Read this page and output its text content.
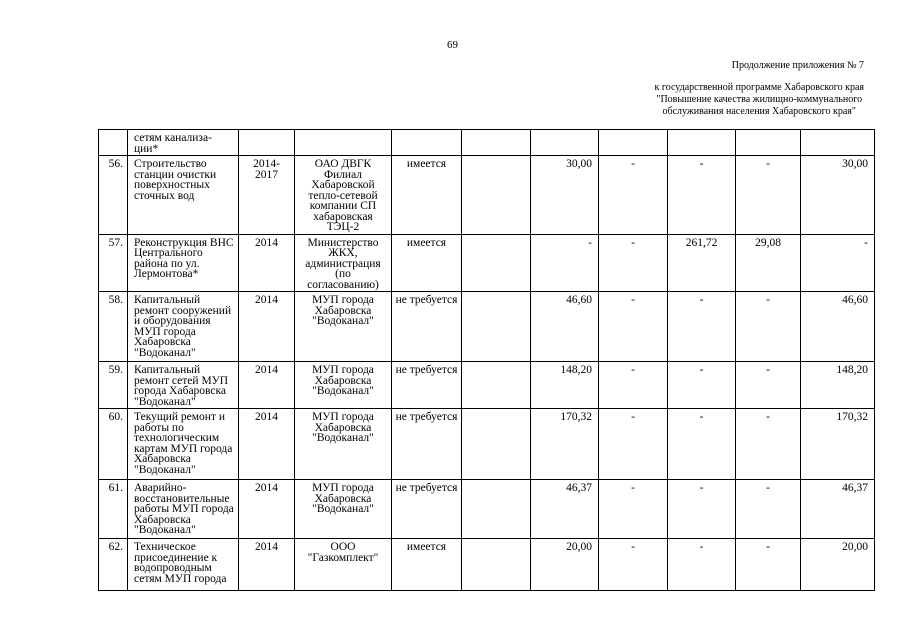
69
Продолжение приложения № 7
к государственной программе Хабаровского края
"Повышение качества жилищно-коммунального
обслуживания населения Хабаровского края"
	сетям канализа-ции*									
56.	Строительство станции очистки поверхностных сточных вод	2014-2017	ОАО ДВГК Филиал Хабаровской тепло-сетевой компании СП хабаровская ТЭЦ-2	имеется		30,00	-	-	-	30,00
57.	Реконструкция ВНС Центрального района по ул. Лермонтова*	2014	Министерство ЖКХ, администрация (по согласованию)	имеется		-	-	261,72	29,08	-
58.	Капитальный ремонт сооружений и оборудования МУП города Хабаровска "Водоканал"	2014	МУП города Хабаровска "Водоканал"	не требуется		46,60	-	-	-	46,60
59.	Капитальный ремонт сетей МУП города Хабаровска "Водоканал"	2014	МУП города Хабаровска "Водоканал"	не требуется		148,20	-	-	-	148,20
60.	Текущий ремонт и работы по технологическим картам МУП города Хабаровска "Водоканал"	2014	МУП города Хабаровска "Водоканал"	не требуется		170,32	-	-	-	170,32
61.	Аварийно-восстановительные работы МУП города Хабаровска "Водоканал"	2014	МУП города Хабаровска "Водоканал"	не требуется		46,37	-	-	-	46,37
62.	Техническое присоединение к водопроводным сетям МУП города	2014	ООО "Газкомплект"	имеется		20,00	-	-	-	20,00
